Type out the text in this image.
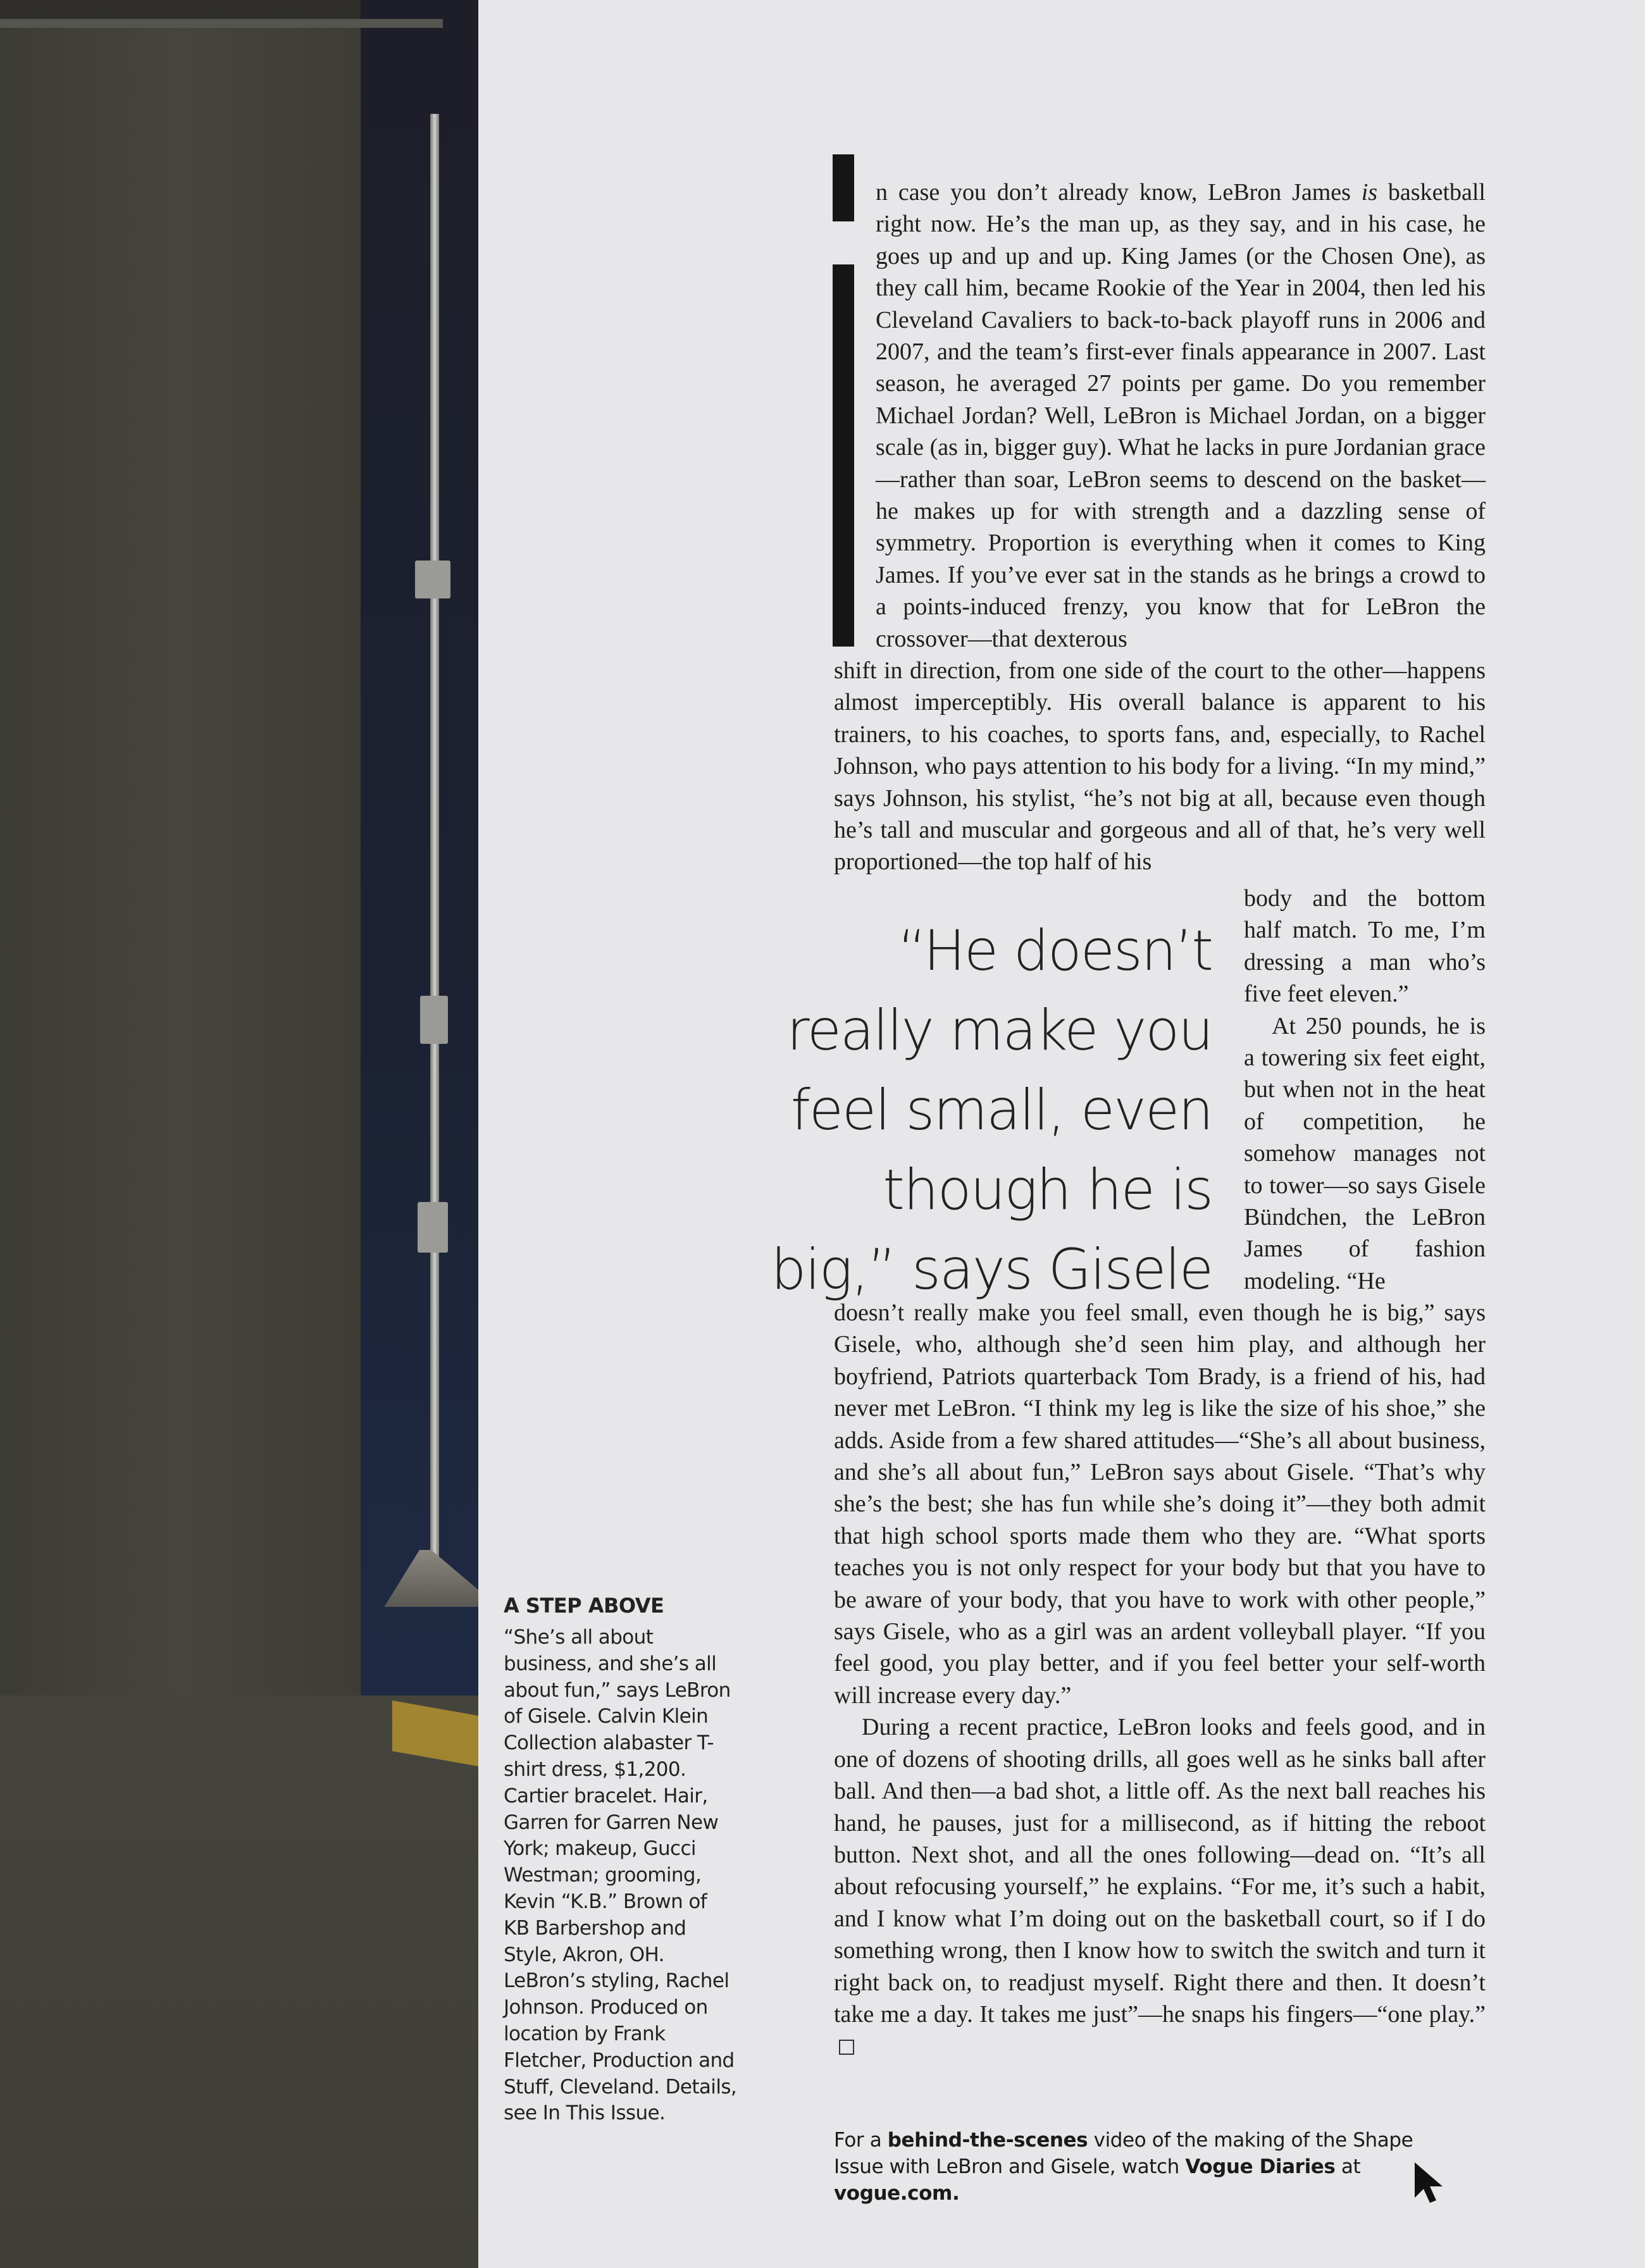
n case you don’t already know, LeBron James is basketball right now. He’s the man up, as they say, and in his case, he goes up and up and up. King James (or the Chosen One), as they call him, became Rookie of the Year in 2004, then led his Cleveland Cavaliers to back-to-back playoff runs in 2006 and 2007, and the team’s first-ever finals appearance in 2007. Last season, he averaged 27 points per game. Do you remember Michael Jordan? Well, LeBron is Michael Jordan, on a bigger scale (as in, bigger guy). What he lacks in pure Jordanian grace—rather than soar, LeBron seems to descend on the basket—he makes up for with strength and a dazzling sense of symmetry. Proportion is everything when it comes to King James. If you’ve ever sat in the stands as he brings a crowd to a points-induced frenzy, you know that for LeBron the crossover—that dexterous

shift in direction, from one side of the court to the other—happens almost imperceptibly. His overall balance is apparent to his trainers, to his coaches, to sports fans, and, especially, to Rachel Johnson, who pays attention to his body for a living. “In my mind,” says Johnson, his stylist, “he’s not big at all, because even though he’s tall and muscular and gorgeous and all of that, he’s very well proportioned—the top half of his

body and the bottom half match. To me, I’m dressing a man who’s five feet eleven.”

At 250 pounds, he is a towering six feet eight, but when not in the heat of competition, he somehow manages not to tower—so says Gisele Bündchen, the LeBron James of fashion modeling. “He

doesn’t really make you feel small, even though he is big,” says Gisele, who, although she’d seen him play, and although her boyfriend, Patriots quarterback Tom Brady, is a friend of his, had never met LeBron. “I think my leg is like the size of his shoe,” she adds. Aside from a few shared attitudes—“She’s all about business, and she’s all about fun,” LeBron says about Gisele. “That’s why she’s the best; she has fun while she’s doing it”—they both admit that high school sports made them who they are. “What sports teaches you is not only respect for your body but that you have to be aware of your body, that you have to work with other people,” says Gisele, who as a girl was an ardent volleyball player. “If you feel good, you play better, and if you feel better your self-worth will increase every day.”

During a recent practice, LeBron looks and feels good, and in one of dozens of shooting drills, all goes well as he sinks ball after ball. And then—a bad shot, a little off. As the next ball reaches his hand, he pauses, just for a millisecond, as if hitting the reboot button. Next shot, and all the ones following—dead on. “It’s all about refocusing yourself,” he explains. “For me, it’s such a habit, and I know what I’m doing out on the basketball court, so if I do something wrong, then I know how to switch the switch and turn it right back on, to readjust myself. Right there and then. It doesn’t take me a day. It takes me just”—he snaps his fingers—“one play.”

“He doesn’t really make you feel small, even though he is big,” says Gisele

A STEP ABOVE

“She’s all about business, and she’s all about fun,” says LeBron of Gisele. Calvin Klein Collection alabaster T-shirt dress, $1,200. Cartier bracelet. Hair, Garren for Garren New York; makeup, Gucci Westman; grooming, Kevin “K.B.” Brown of KB Barbershop and Style, Akron, OH. LeBron’s styling, Rachel Johnson. Produced on location by Frank Fletcher, Production and Stuff, Cleveland. Details, see In This Issue.

For a behind-the-scenes video of the making of the Shape Issue with LeBron and Gisele, watch Vogue Diaries at vogue.com.
